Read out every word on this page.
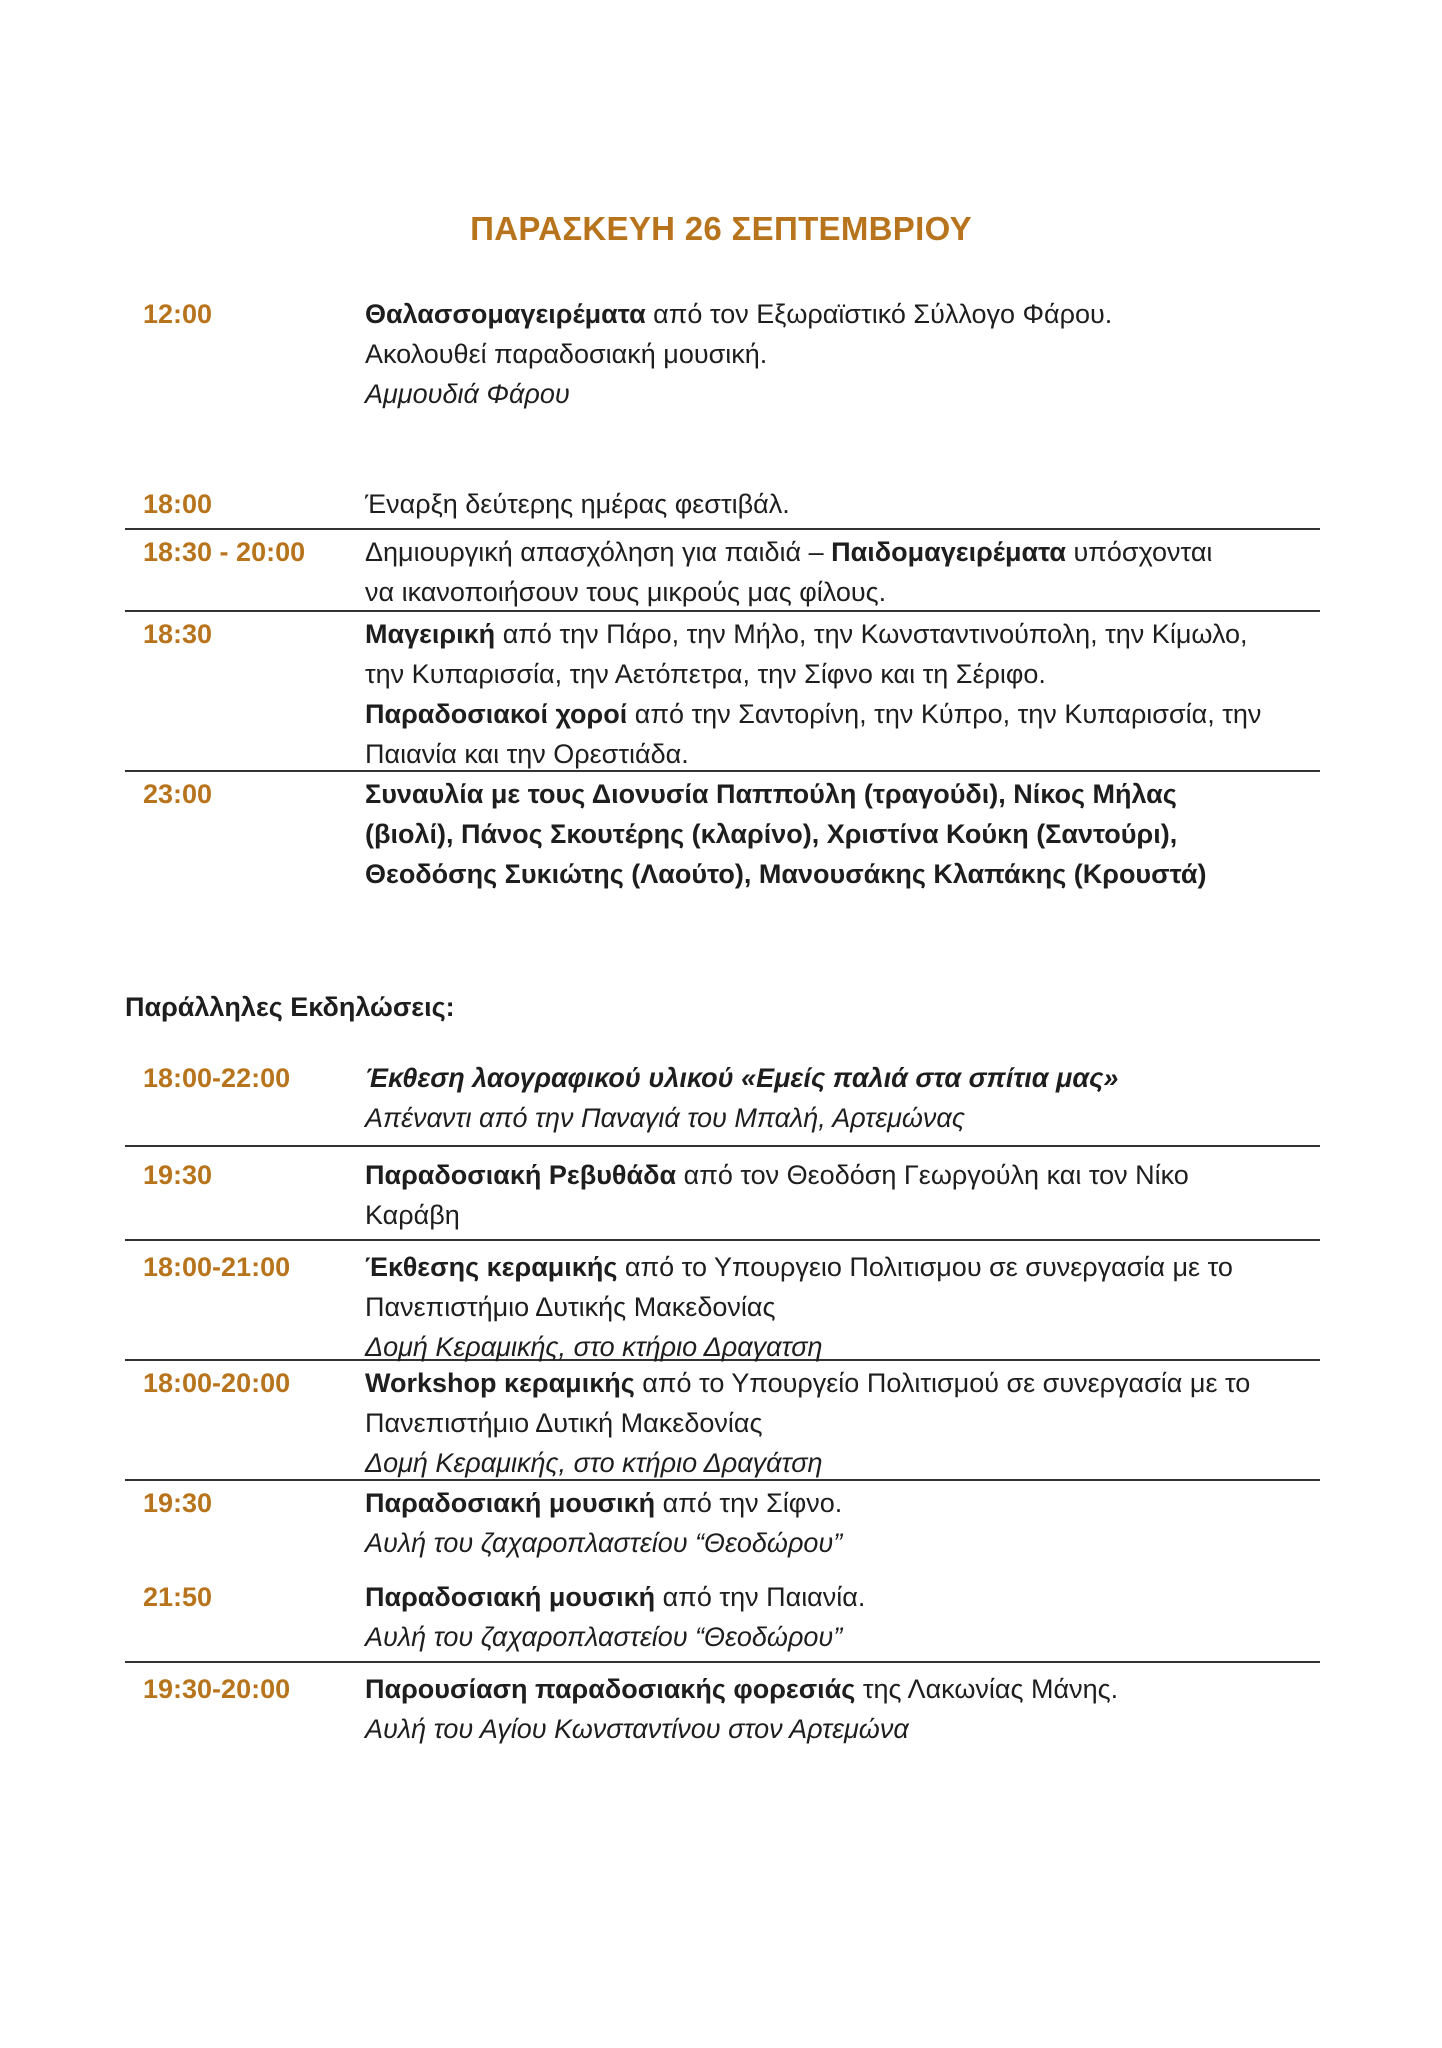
ΠΑΡΑΣΚΕΥΗ 26 ΣΕΠΤΕΜΒΡΙΟΥ
12:00	Θαλασσομαγειρέματα από τον Εξωραϊστικό Σύλλογο Φάρου.

Ακολουθεί παραδοσιακή μουσική.

Αμμουδιά Φάρου

18:00	Έναρξη δεύτερης ημέρας φεστιβάλ.

18:30 - 20:00	Δημιουργική απασχόληση για παιδιά – Παιδομαγειρέματα υπόσχονται

να ικανοποιήσουν τους μικρούς μας φίλους.

18:30	Μαγειρική από την Πάρο, την Μήλο, την Κωνσταντινούπολη, την Κίμωλο,

την Κυπαρισσία, την Αετόπετρα, την Σίφνο και τη Σέριφο.

Παραδοσιακοί χοροί από την Σαντορίνη, την Κύπρο, την Κυπαρισσία, την

Παιανία και την Ορεστιάδα.

23:00	Συναυλία με τους Διονυσία Παππούλη (τραγούδι), Νίκος Μήλας

(βιολί), Πάνος Σκουτέρης (κλαρίνο), Χριστίνα Κούκη (Σαντούρι),

Θεοδόσης Συκιώτης (Λαούτο), Μανουσάκης Κλαπάκης (Κρουστά)

Παράλληλες Εκδηλώσεις:
18:00-22:00	Έκθεση λαογραφικού υλικού «Εμείς παλιά στα σπίτια μας»

Απέναντι από την Παναγιά του Μπαλή, Αρτεμώνας

19:30	Παραδοσιακή Ρεβυθάδα από τον Θεοδόση Γεωργούλη και τον Νίκο

Καράβη

18:00-21:00	Έκθεσης κεραμικής από το Υπουργειο Πολιτισμου σε συνεργασία με το

Πανεπιστήμιο Δυτικής Μακεδονίας

Δομή Κεραμικής, στο κτήριο Δραγατση

18:00-20:00	Workshop κεραμικής από το Υπουργείο Πολιτισμού σε συνεργασία με το

Πανεπιστήμιο Δυτική Μακεδονίας

Δομή Κεραμικής, στο κτήριο Δραγάτση

19:30	Παραδοσιακή μουσική από την Σίφνο.

Αυλή του ζαχαροπλαστείου “Θεοδώρου”

21:50	Παραδοσιακή μουσική από την Παιανία.

Αυλή του ζαχαροπλαστείου “Θεοδώρου”

19:30-20:00	Παρουσίαση παραδοσιακής φορεσιάς της Λακωνίας Μάνης.

Αυλή του Αγίου Κωνσταντίνου στον Αρτεμώνα
